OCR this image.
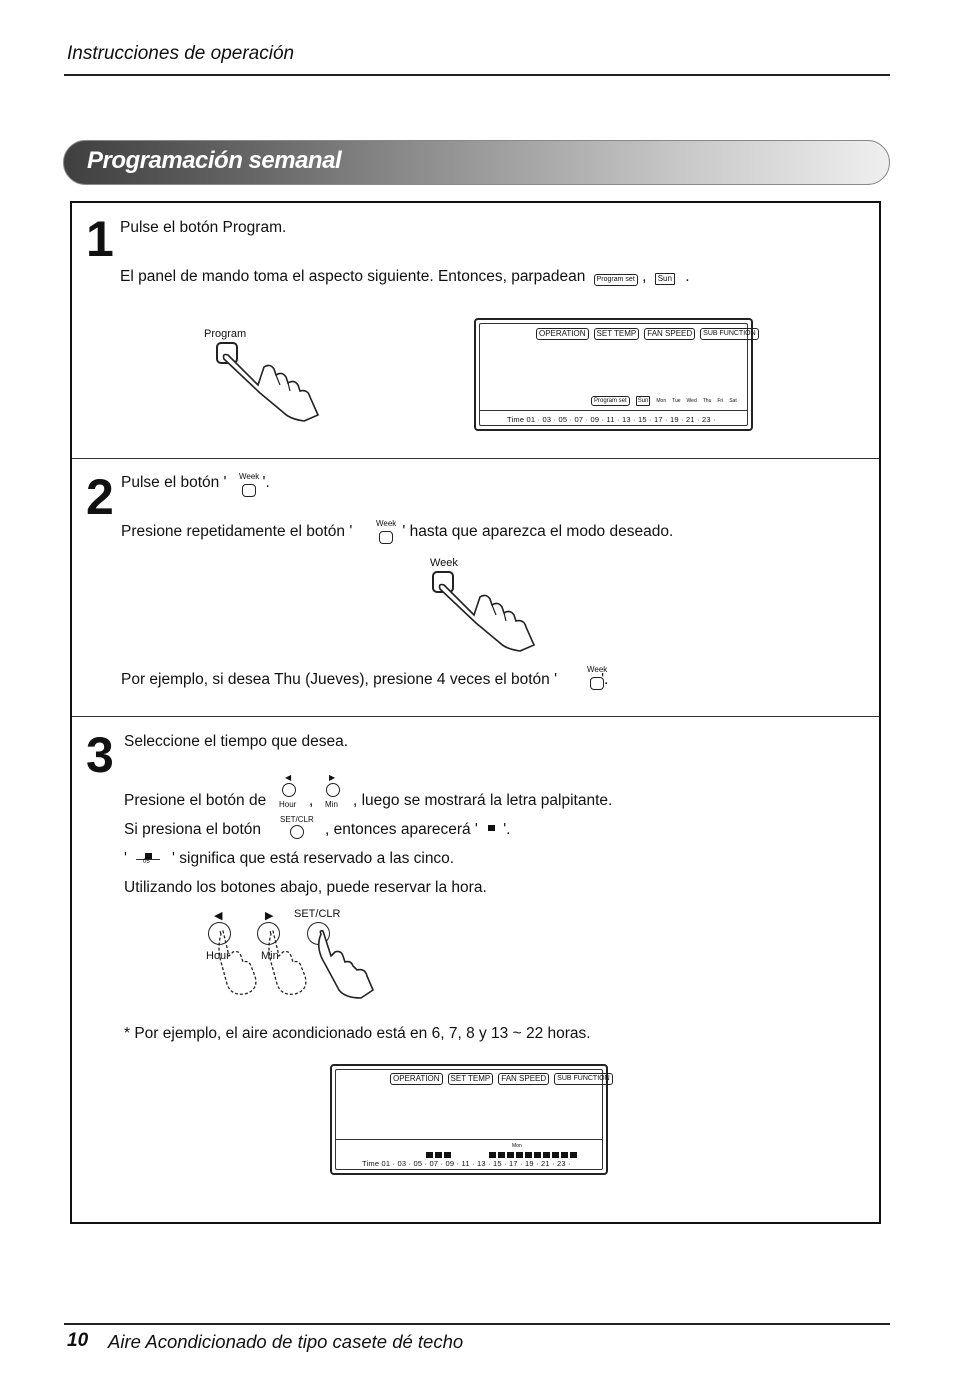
Instrucciones de operación
Programación semanal
1 Pulse el botón Program.
El panel de mando toma el aspecto siguiente. Entonces, parpadean Program set , Sun .
Program	OPERATION	SET TEMP	FAN SPEED	SUB FUNCTION
Program set	Sun	Mon Tue Wed Thu Fri Sat
Time 01 · 03 · 05 · 07 · 09 · 11 · 13 · 15 · 17 · 19 · 21 · 23 ·
2 Pulse el botón ' '.
Week
Presione repetidamente el botón '	' hasta que aparezca el modo deseado.
Week
Week
Por ejemplo, si desea Thu (Jueves), presione 4 veces el botón '	'.
Week
3 Seleccione el tiempo que desea.
Presione el botón de
◀
Hour ,
▶
Min , luego se mostrará la letra palpitante.
Si presiona el botón
SET/CLR
, entonces aparecerá ' '.
'	05 ' significa que está reservado a las cinco.
Utilizando los botones abajo, puede reservar la hora.
◀	▶ SET/CLR
Hour	Min
* Por ejemplo, el aire acondicionado está en 6, 7, 8 y 13 ~ 22 horas.
OPERATION	SET TEMP	FAN SPEED	SUB FUNCTION
Mon
Time 01 · 03 · 05 · 07 · 09 · 11 · 13 · 15 · 17 · 19 · 21 · 23 ·
10 Aire Acondicionado de tipo casete dé techo
